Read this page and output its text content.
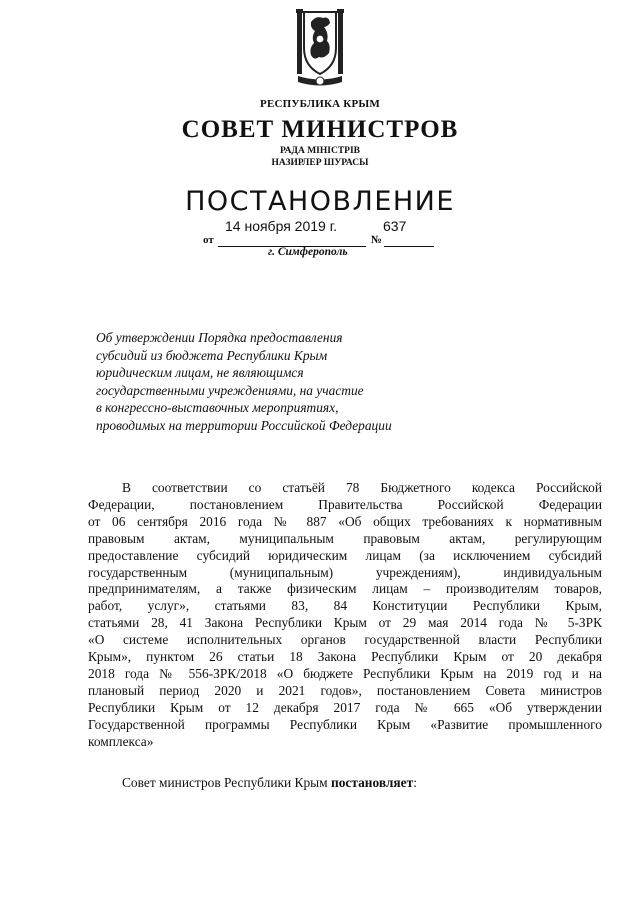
РЕСПУБЛИКА КРЫМ
СОВЕТ МИНИСТРОВ
РАДА МІНІСТРІВ
НАЗИРЛЕР ШУРАСЫ
ПОСТАНОВЛЕНИЕ
14 ноября 2019 г.	637
от	№
г. Симферополь
Об утверждении Порядка предоставления
субсидий из бюджета Республики Крым
юридическим лицам, не являющимся
государственными учреждениями, на участие
в конгрессно-выставочных мероприятиях,
проводимых на территории Российской Федерации
В соответствии со статьёй 78 Бюджетного кодекса Российской
Федерации, постановлением Правительства Российской Федерации
от 06 сентября 2016 года № 887 «Об общих требованиях к нормативным
правовым актам, муниципальным правовым актам, регулирующим
предоставление субсидий юридическим лицам (за исключением субсидий
государственным (муниципальным) учреждениям), индивидуальным
предпринимателям, а также физическим лицам – производителям товаров,
работ, услуг», статьями 83, 84 Конституции Республики Крым,
статьями 28, 41 Закона Республики Крым от 29 мая 2014 года № 5-ЗРК
«О системе исполнительных органов государственной власти Республики
Крым», пунктом 26 статьи 18 Закона Республики Крым от 20 декабря
2018 года № 556-ЗРК/2018 «О бюджете Республики Крым на 2019 год и на
плановый период 2020 и 2021 годов», постановлением Совета министров
Республики Крым от 12 декабря 2017 года № 665 «Об утверждении
Государственной программы Республики Крым «Развитие промышленного
комплекса»
Совет министров Республики Крым постановляет:
